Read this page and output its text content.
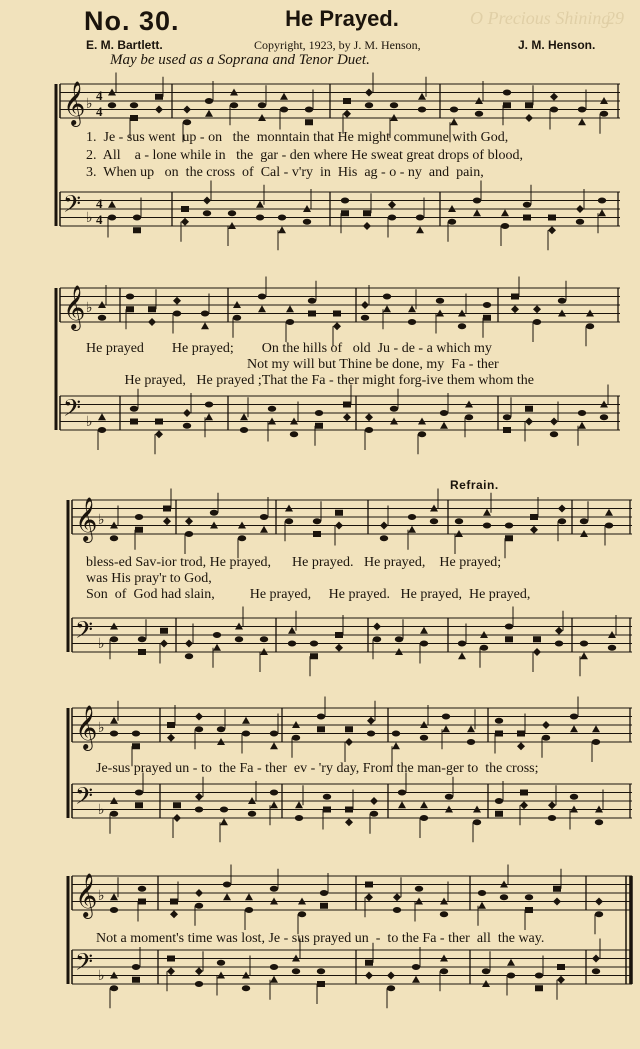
No. 30.	He Prayed.	O Precious Shining
29
E. M. Bartlett.	Copyright, 1923, by J. M. Henson,	J. M. Henson.
May be used as a Soprana and Tenor Duet.
𝄞 ♭
4
4
𝄢 ♭
4
4
𝄞 ♭
𝄢 ♭
𝄞 ♭
𝄢 ♭
𝄞 ♭
𝄢 ♭
𝄞 ♭
𝄢 ♭
Refrain.
1.  Je - sus went  up - on   the  monntain that He might commune with God,
2.  All    a - lone while in   the  gar - den where He sweat great drops of blood,
3.  When up   on  the cross  of  Cal - v'ry  in  His  ag - o - ny  and  pain,
He prayed        He prayed;        On the hills of   old  Ju - de - a which my
Not my will but Thine be done, my  Fa - ther
He prayed,   He prayed ;That the Fa - ther might forg-ive them whom the
bless-ed Sav-ior trod, He prayed,      He prayed.   He prayed,    He prayed;
was His pray'r to God,
Son  of  God had slain,          He prayed,     He prayed.   He prayed,  He prayed,
Je-sus prayed un - to  the Fa - ther  ev - 'ry day, From the man-ger to  the cross;
Not a moment's time was lost, Je - sus prayed un  -  to the Fa - ther  all  the way.
